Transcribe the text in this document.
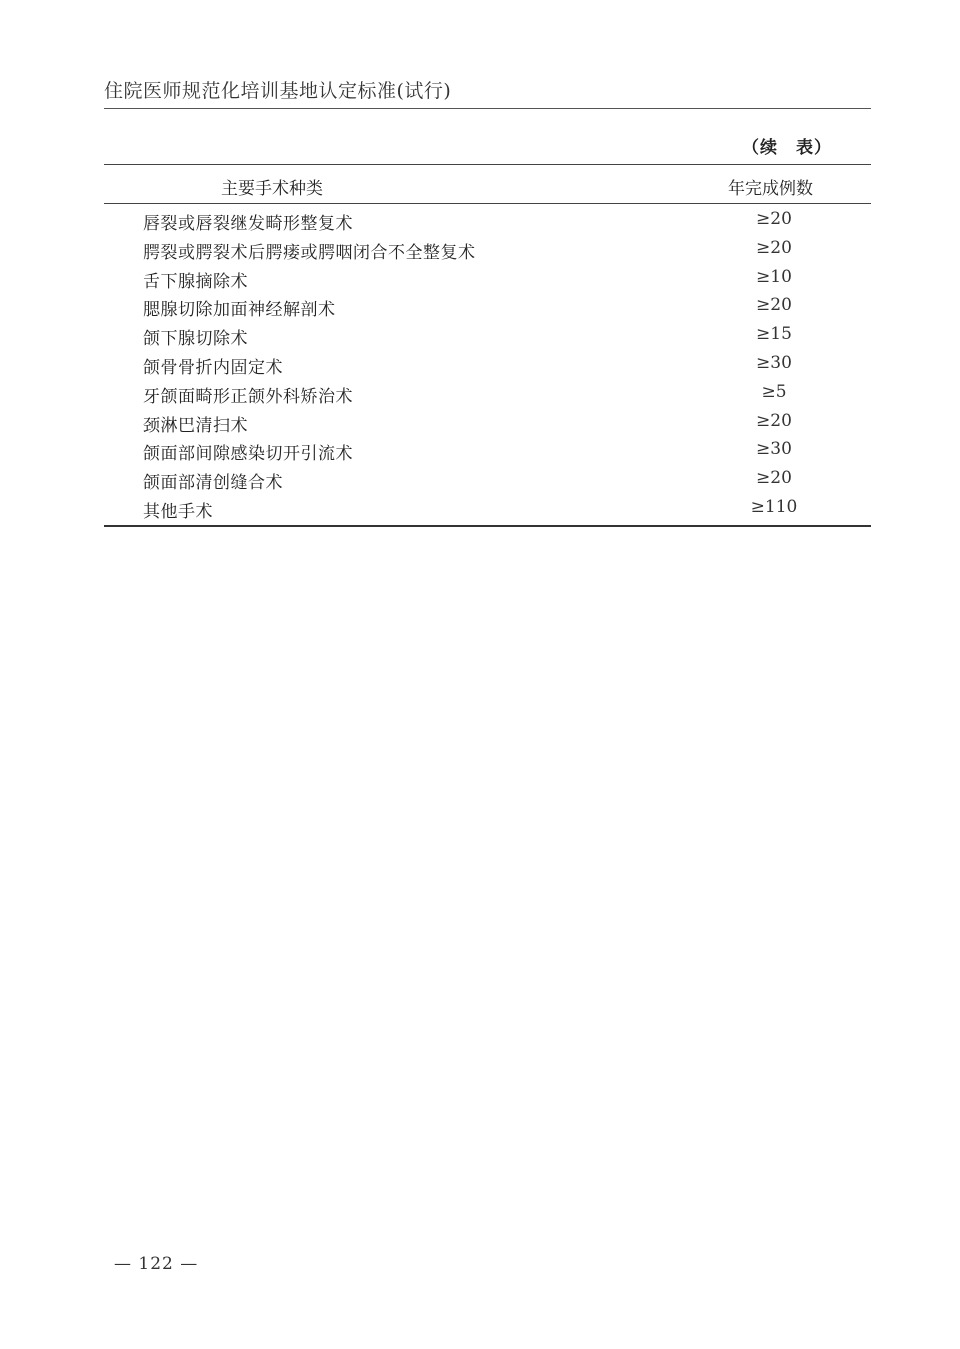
住院医师规范化培训基地认定标准(试行)
（续　表）
主要手术种类	年完成例数
唇裂或唇裂继发畸形整复术	≥20
腭裂或腭裂术后腭瘘或腭咽闭合不全整复术	≥20
舌下腺摘除术	≥10
腮腺切除加面神经解剖术	≥20
颌下腺切除术	≥15
颌骨骨折内固定术	≥30
牙颌面畸形正颌外科矫治术	≥5
颈淋巴清扫术	≥20
颌面部间隙感染切开引流术	≥30
颌面部清创缝合术	≥20
其他手术	≥110
— 122 —
